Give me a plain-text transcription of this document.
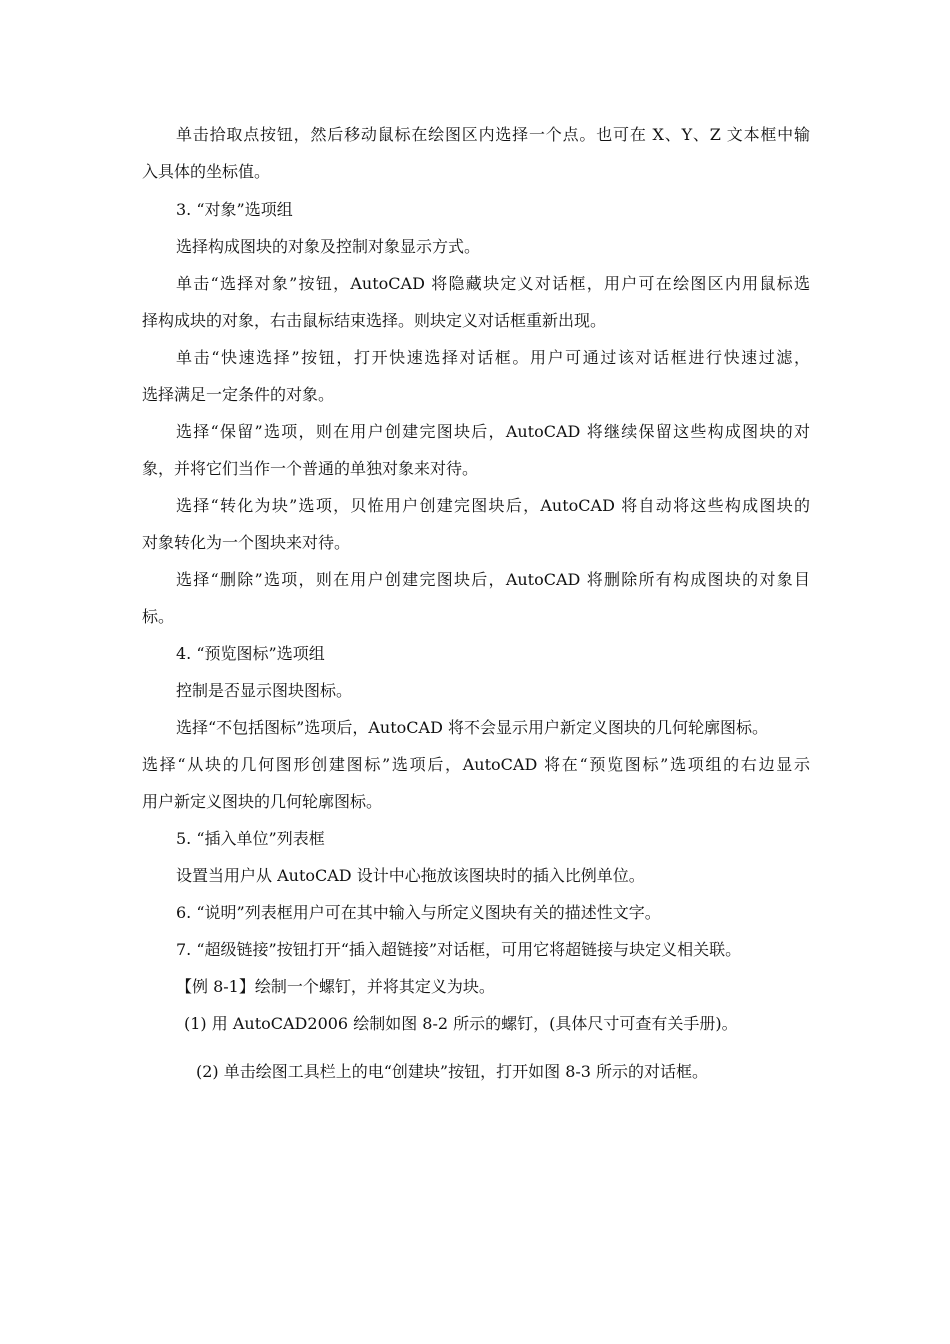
单击拾取点按钮，然后移动鼠标在绘图区内选择一个点。也可在 X、Y、Z 文本框中输
入具体的坐标值。
3. “对象”选项组
选择构成图块的对象及控制对象显示方式。
单击“选择对象”按钮，AutoCAD 将隐藏块定义对话框，用户可在绘图区内用鼠标选
择构成块的对象，右击鼠标结束选择。则块定义对话框重新出现。
单击“快速选择”按钮，打开快速选择对话框。用户可通过该对话框进行快速过滤，
选择满足一定条件的对象。
选择“保留”选项，则在用户创建完图块后，AutoCAD 将继续保留这些构成图块的对
象，并将它们当作一个普通的单独对象来对待。
选择“转化为块”选项，贝恠用户创建完图块后，AutoCAD 将自动将这些构成图块的
对象转化为一个图块来对待。
选择“删除”选项，则在用户创建完图块后，AutoCAD 将删除所有构成图块的对象目
标。
4. “预览图标”选项组
控制是否显示图块图标。
选择“不包括图标”选项后，AutoCAD 将不会显示用户新定义图块的几何轮廓图标。
选择“从块的几何图形创建图标”选项后，AutoCAD 将在“预览图标”选项组的右边显示
用户新定义图块的几何轮廓图标。
5. “插入单位”列表框
设置当用户从 AutoCAD 设计中心拖放该图块时的插入比例单位。
6. “说明”列表框用户可在其中输入与所定义图块有关的描述性文字。
7. “超级链接”按钮打开“插入超链接”对话框，可用它将超链接与块定义相关联。
【例 8-1】绘制一个螺钉，并将其定义为块。
(1) 用 AutoCAD2006 绘制如图 8-2 所示的螺钉，(具体尺寸可查有关手册)。
(2) 单击绘图工具栏上的电“创建块”按钮，打开如图 8-3 所示的对话框。
